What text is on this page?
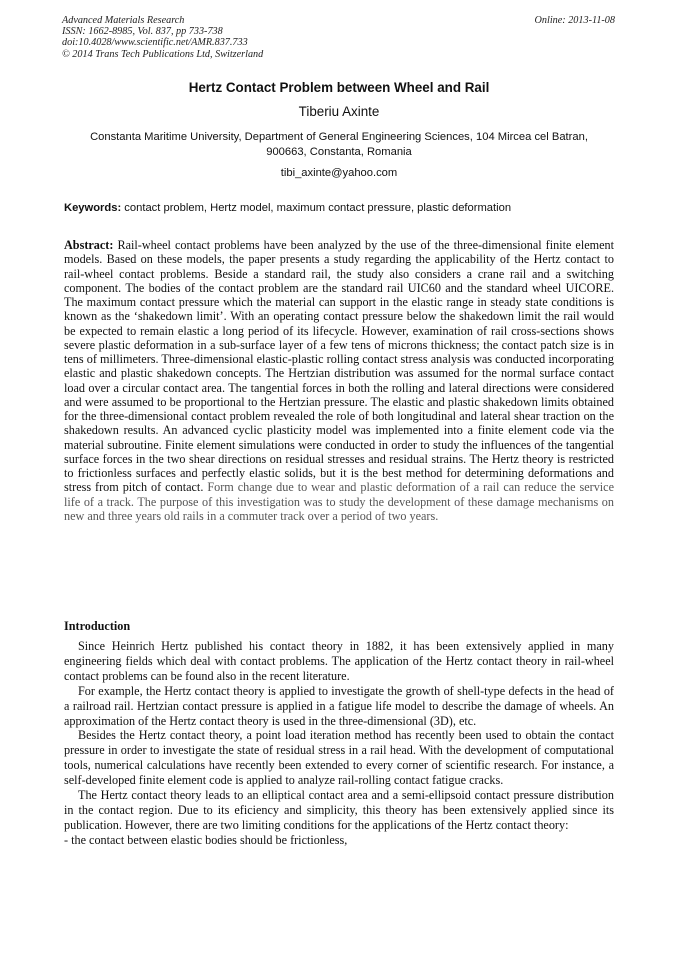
Advanced Materials Research
ISSN: 1662-8985, Vol. 837, pp 733-738
doi:10.4028/www.scientific.net/AMR.837.733
© 2014 Trans Tech Publications Ltd, Switzerland
Online: 2013-11-08
Hertz Contact Problem between Wheel and Rail
Tiberiu Axinte
Constanta Maritime University, Department of General Engineering Sciences, 104 Mircea cel Batran, 900663, Constanta, Romania
tibi_axinte@yahoo.com
Keywords: contact problem, Hertz model, maximum contact pressure, plastic deformation

Abstract: Rail-wheel contact problems have been analyzed by the use of the three-dimensional finite element models. Based on these models, the paper presents a study regarding the applicability of the Hertz contact to rail-wheel contact problems. Beside a standard rail, the study also considers a crane rail and a switching component. The bodies of the contact problem are the standard rail UIC60 and the standard wheel UICORE. The maximum contact pressure which the material can support in the elastic range in steady state conditions is known as the ‘shakedown limit’. With an operating contact pressure below the shakedown limit the rail would be expected to remain elastic a long period of its lifecycle. However, examination of rail cross-sections shows severe plastic deformation in a sub-surface layer of a few tens of microns thickness; the contact patch size is in tens of millimeters. Three-dimensional elastic-plastic rolling contact stress analysis was conducted incorporating elastic and plastic shakedown concepts. The Hertzian distribution was assumed for the normal surface contact load over a circular contact area. The tangential forces in both the rolling and lateral directions were considered and were assumed to be proportional to the Hertzian pressure. The elastic and plastic shakedown limits obtained for the three-dimensional contact problem revealed the role of both longitudinal and lateral shear traction on the shakedown results. An advanced cyclic plasticity model was implemented into a finite element code via the material subroutine. Finite element simulations were conducted in order to study the influences of the tangential surface forces in the two shear directions on residual stresses and residual strains. The Hertz theory is restricted to frictionless surfaces and perfectly elastic solids, but it is the best method for determining deformations and stress from pitch of contact. Form change due to wear and plastic deformation of a rail can reduce the service life of a track. The purpose of this investigation was to study the development of these damage mechanisms on new and three years old rails in a commuter track over a period of two years.

Introduction

Since Heinrich Hertz published his contact theory in 1882, it has been extensively applied in many engineering fields which deal with contact problems. The application of the Hertz contact theory in rail-wheel contact problems can be found also in the recent literature.

For example, the Hertz contact theory is applied to investigate the growth of shell-type defects in the head of a railroad rail. Hertzian contact pressure is applied in a fatigue life model to describe the damage of wheels. An approximation of the Hertz contact theory is used in the three-dimensional (3D), etc.

Besides the Hertz contact theory, a point load iteration method has recently been used to obtain the contact pressure in order to investigate the state of residual stress in a rail head. With the development of computational tools, numerical calculations have recently been extended to every corner of scientific research. For instance, a self-developed finite element code is applied to analyze rail-rolling contact fatigue cracks.

The Hertz contact theory leads to an elliptical contact area and a semi-ellipsoid contact pressure distribution in the contact region. Due to its eficiency and simplicity, this theory has been extensively applied since its publication. However, there are two limiting conditions for the applications of the Hertz contact theory:

- the contact between elastic bodies should be frictionless,
